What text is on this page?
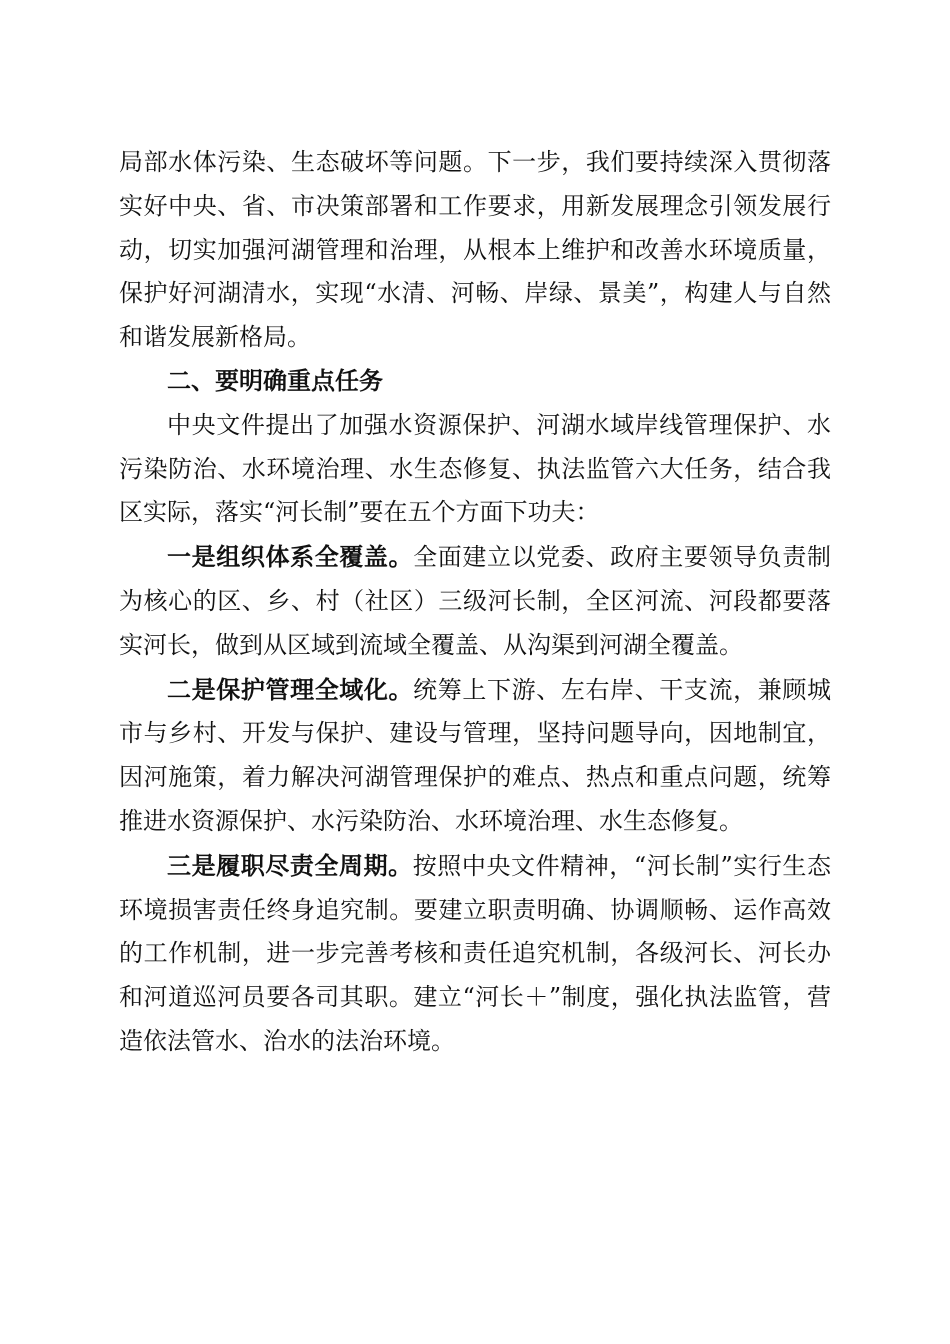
局部水体污染、生态破坏等问题。下一步，我们要持续深入贯彻落实好中央、省、市决策部署和工作要求，用新发展理念引领发展行动，切实加强河湖管理和治理，从根本上维护和改善水环境质量，保护好河湖清水，实现“水清、河畅、岸绿、景美”，构建人与自然和谐发展新格局。

二、要明确重点任务

中央文件提出了加强水资源保护、河湖水域岸线管理保护、水污染防治、水环境治理、水生态修复、执法监管六大任务，结合我区实际，落实“河长制”要在五个方面下功夫：

一是组织体系全覆盖。全面建立以党委、政府主要领导负责制为核心的区、乡、村（社区）三级河长制，全区河流、河段都要落实河长，做到从区域到流域全覆盖、从沟渠到河湖全覆盖。

二是保护管理全域化。统筹上下游、左右岸、干支流，兼顾城市与乡村、开发与保护、建设与管理，坚持问题导向，因地制宜，因河施策，着力解决河湖管理保护的难点、热点和重点问题，统筹推进水资源保护、水污染防治、水环境治理、水生态修复。

三是履职尽责全周期。按照中央文件精神，“河长制”实行生态环境损害责任终身追究制。要建立职责明确、协调顺畅、运作高效的工作机制，进一步完善考核和责任追究机制，各级河长、河长办和河道巡河员要各司其职。建立“河长＋”制度，强化执法监管，营造依法管水、治水的法治环境。
